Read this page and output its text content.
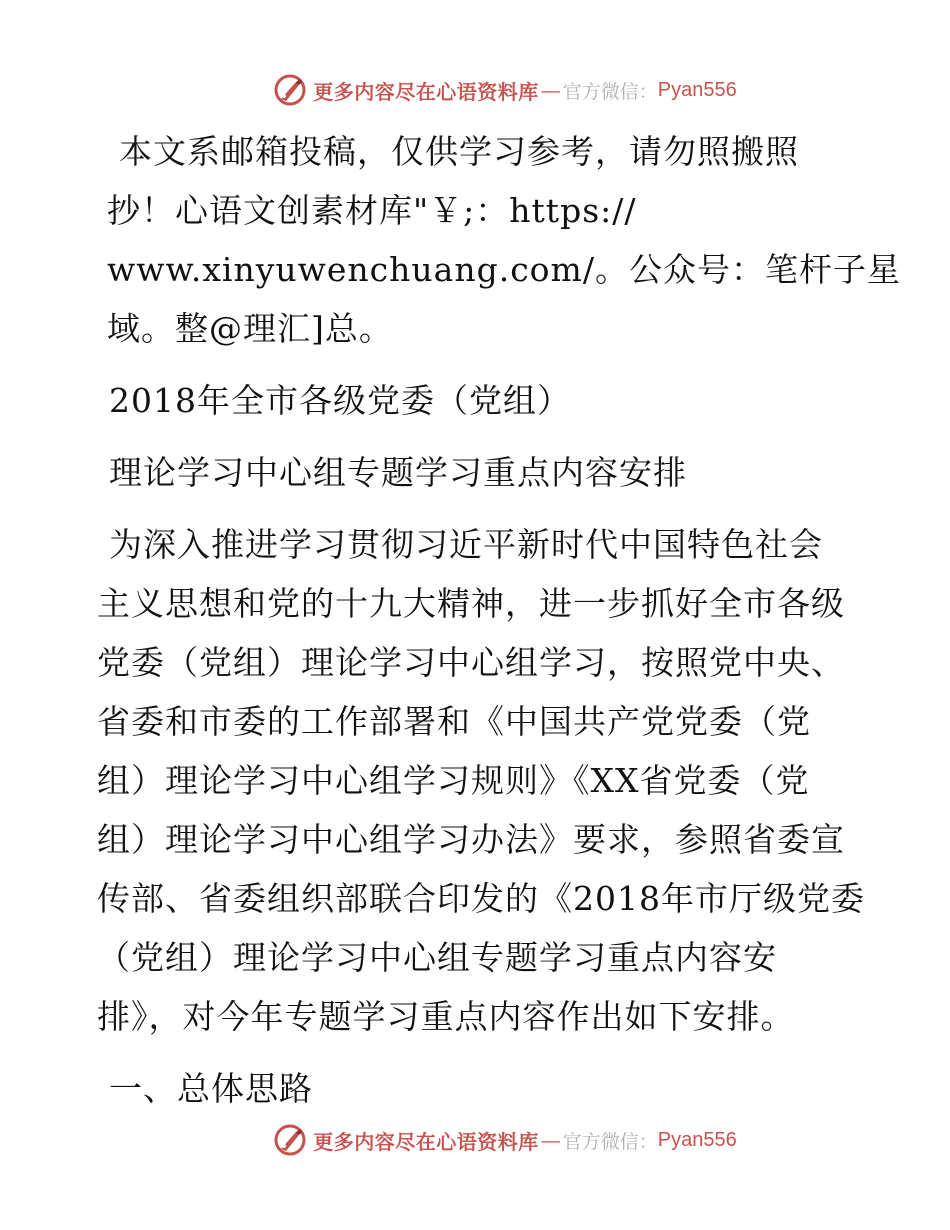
更多内容尽在心语资料库 — 官方微信： Pyan556
本文系邮箱投稿，仅供学习参考，请勿照搬照
抄！心语文创素材库"￥;：https://
www.xinyuwenchuang.com/。公众号：笔杆子星
域。整@理汇]总。
2018年全市各级党委（党组）
理论学习中心组专题学习重点内容安排
为深入推进学习贯彻习近平新时代中国特色社会
主义思想和党的十九大精神，进一步抓好全市各级
党委（党组）理论学习中心组学习，按照党中央、
省委和市委的工作部署和《中国共产党党委（党
组）理论学习中心组学习规则》《XX省党委（党
组）理论学习中心组学习办法》要求，参照省委宣
传部、省委组织部联合印发的《2018年市厅级党委
（党组）理论学习中心组专题学习重点内容安
排》，对今年专题学习重点内容作出如下安排。
一、总体思路
更多内容尽在心语资料库 — 官方微信： Pyan556
